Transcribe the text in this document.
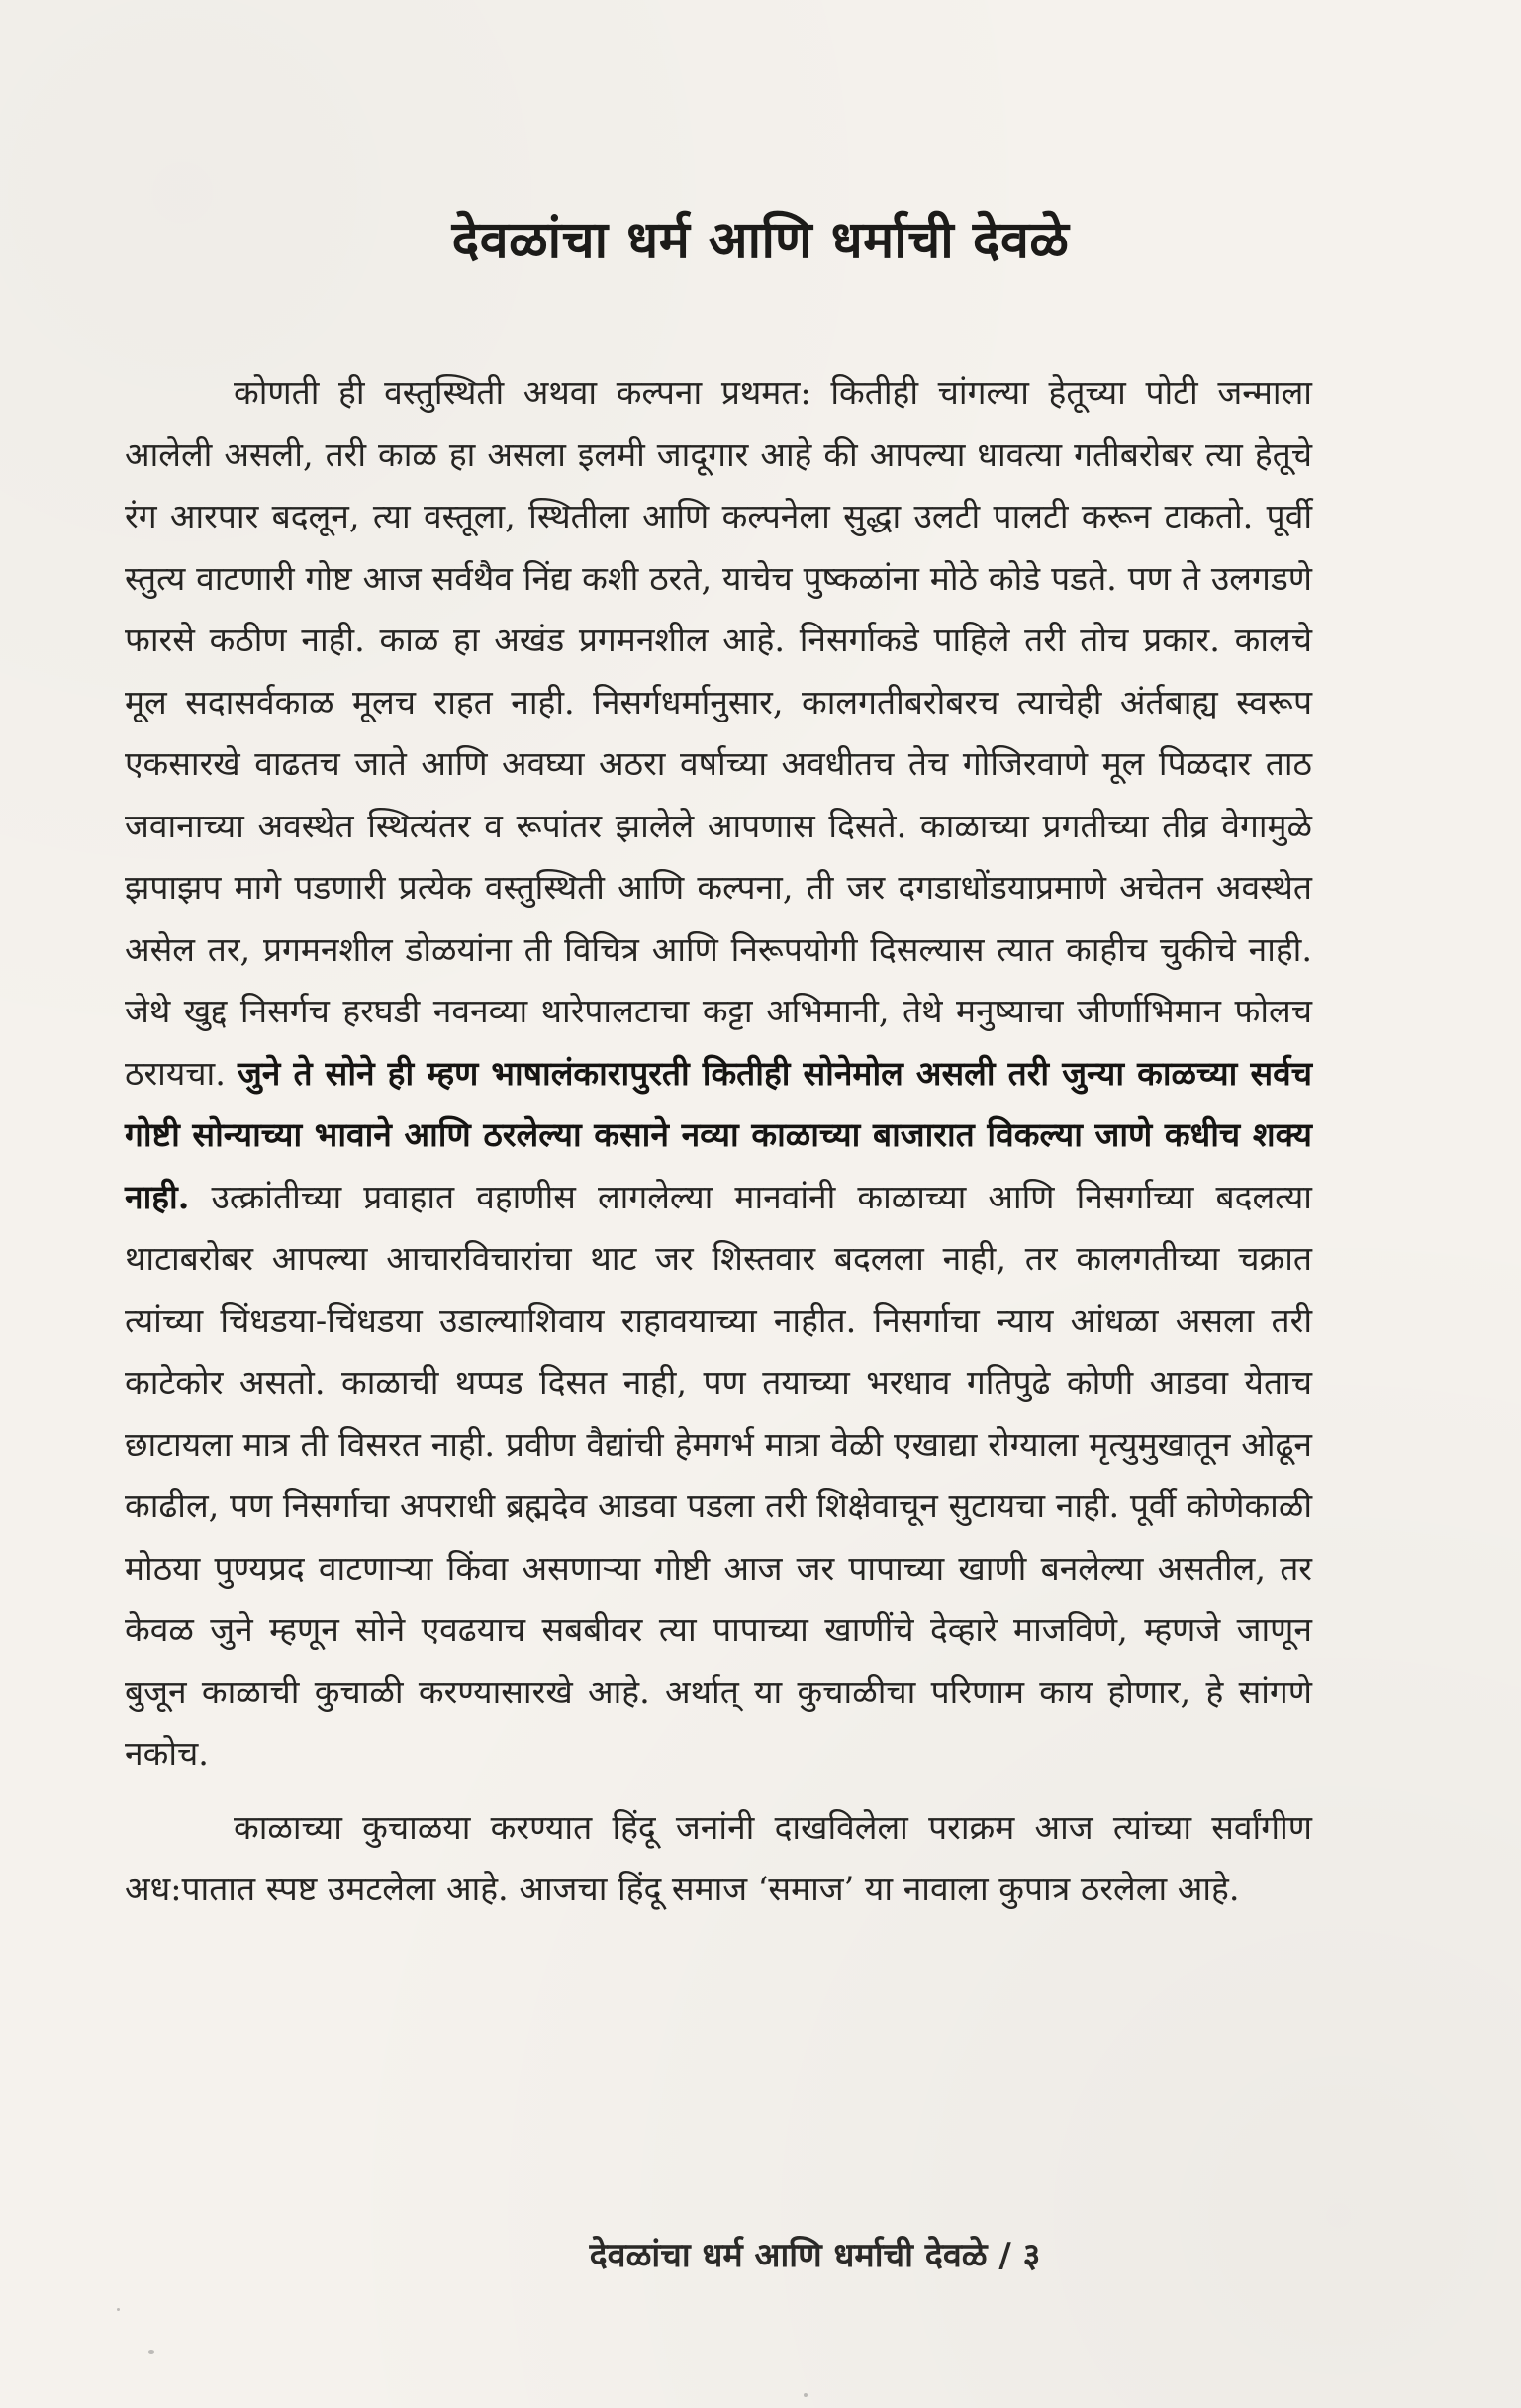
देवळांचा धर्म आणि धर्माची देवळे

कोणती ही वस्तुस्थिती अथवा कल्पना प्रथमत: कितीही चांगल्या हेतूच्या पोटी जन्माला आलेली असली, तरी काळ हा असला इलमी जादूगार आहे की आपल्या धावत्या गतीबरोबर त्या हेतूचे रंग आरपार बदलून, त्या वस्तूला, स्थितीला आणि कल्पनेला सुद्धा उलटी पालटी करून टाकतो. पूर्वी स्तुत्य वाटणारी गोष्ट आज सर्वथैव निंद्य कशी ठरते, याचेच पुष्कळांना मोठे कोडे पडते. पण ते उलगडणे फारसे कठीण नाही. काळ हा अखंड प्रगमनशील आहे. निसर्गाकडे पाहिले तरी तोच प्रकार. कालचे मूल सदासर्वकाळ मूलच राहत नाही. निसर्गधर्मानुसार, कालगतीबरोबरच त्याचेही अंर्तबाह्य स्वरूप एकसारखे वाढतच जाते आणि अवघ्या अठरा वर्षाच्या अवधीतच तेच गोजिरवाणे मूल पिळदार ताठ जवानाच्या अवस्थेत स्थित्यंतर व रूपांतर झालेले आपणास दिसते. काळाच्या प्रगतीच्या तीव्र वेगामुळे झपाझप मागे पडणारी प्रत्येक वस्तुस्थिती आणि कल्पना, ती जर दगडाधोंडयाप्रमाणे अचेतन अवस्थेत असेल तर, प्रगमनशील डोळयांना ती विचित्र आणि निरूपयोगी दिसल्यास त्यात काहीच चुकीचे नाही. जेथे खुद्द निसर्गच हरघडी नवनव्या थारेपालटाचा कट्टा अभिमानी, तेथे मनुष्याचा जीर्णाभिमान फोलच ठरायचा. जुने ते सोने ही म्हण भाषालंकारापुरती कितीही सोनेमोल असली तरी जुन्या काळच्या सर्वच गोष्टी सोन्याच्या भावाने आणि ठरलेल्या कसाने नव्या काळाच्या बाजारात विकल्या जाणे कधीच शक्य नाही. उत्क्रांतीच्या प्रवाहात वहाणीस लागलेल्या मानवांनी काळाच्या आणि निसर्गाच्या बदलत्या थाटाबरोबर आपल्या आचारविचारांचा थाट जर शिस्तवार बदलला नाही, तर कालगतीच्या चक्रात त्यांच्या चिंधडया-चिंधडया उडाल्याशिवाय राहावयाच्या नाहीत. निसर्गाचा न्याय आंधळा असला तरी काटेकोर असतो. काळाची थप्पड दिसत नाही, पण तयाच्या भरधाव गतिपुढे कोणी आडवा येताच छाटायला मात्र ती विसरत नाही. प्रवीण वैद्यांची हेमगर्भ मात्रा वेळी एखाद्या रोग्याला मृत्युमुखातून ओढून काढील, पण निसर्गाचा अपराधी ब्रह्मदेव आडवा पडला तरी शिक्षेवाचून सुटायचा नाही. पूर्वी कोणेकाळी मोठया पुण्यप्रद वाटणाऱ्या किंवा असणाऱ्या गोष्टी आज जर पापाच्या खाणी बनलेल्या असतील, तर केवळ जुने म्हणून सोने एवढयाच सबबीवर त्या पापाच्या खाणींचे देव्हारे माजविणे, म्हणजे जाणून बुजून काळाची कुचाळी करण्यासारखे आहे. अर्थात् या कुचाळीचा परिणाम काय होणार, हे सांगणे नकोच.

काळाच्या कुचाळया करण्यात हिंदू जनांनी दाखविलेला पराक्रम आज त्यांच्या सर्वांगीण अध:पातात स्पष्ट उमटलेला आहे. आजचा हिंदू समाज ‘समाज’ या नावाला कुपात्र ठरलेला आहे.

देवळांचा धर्म आणि धर्माची देवळे / ३
